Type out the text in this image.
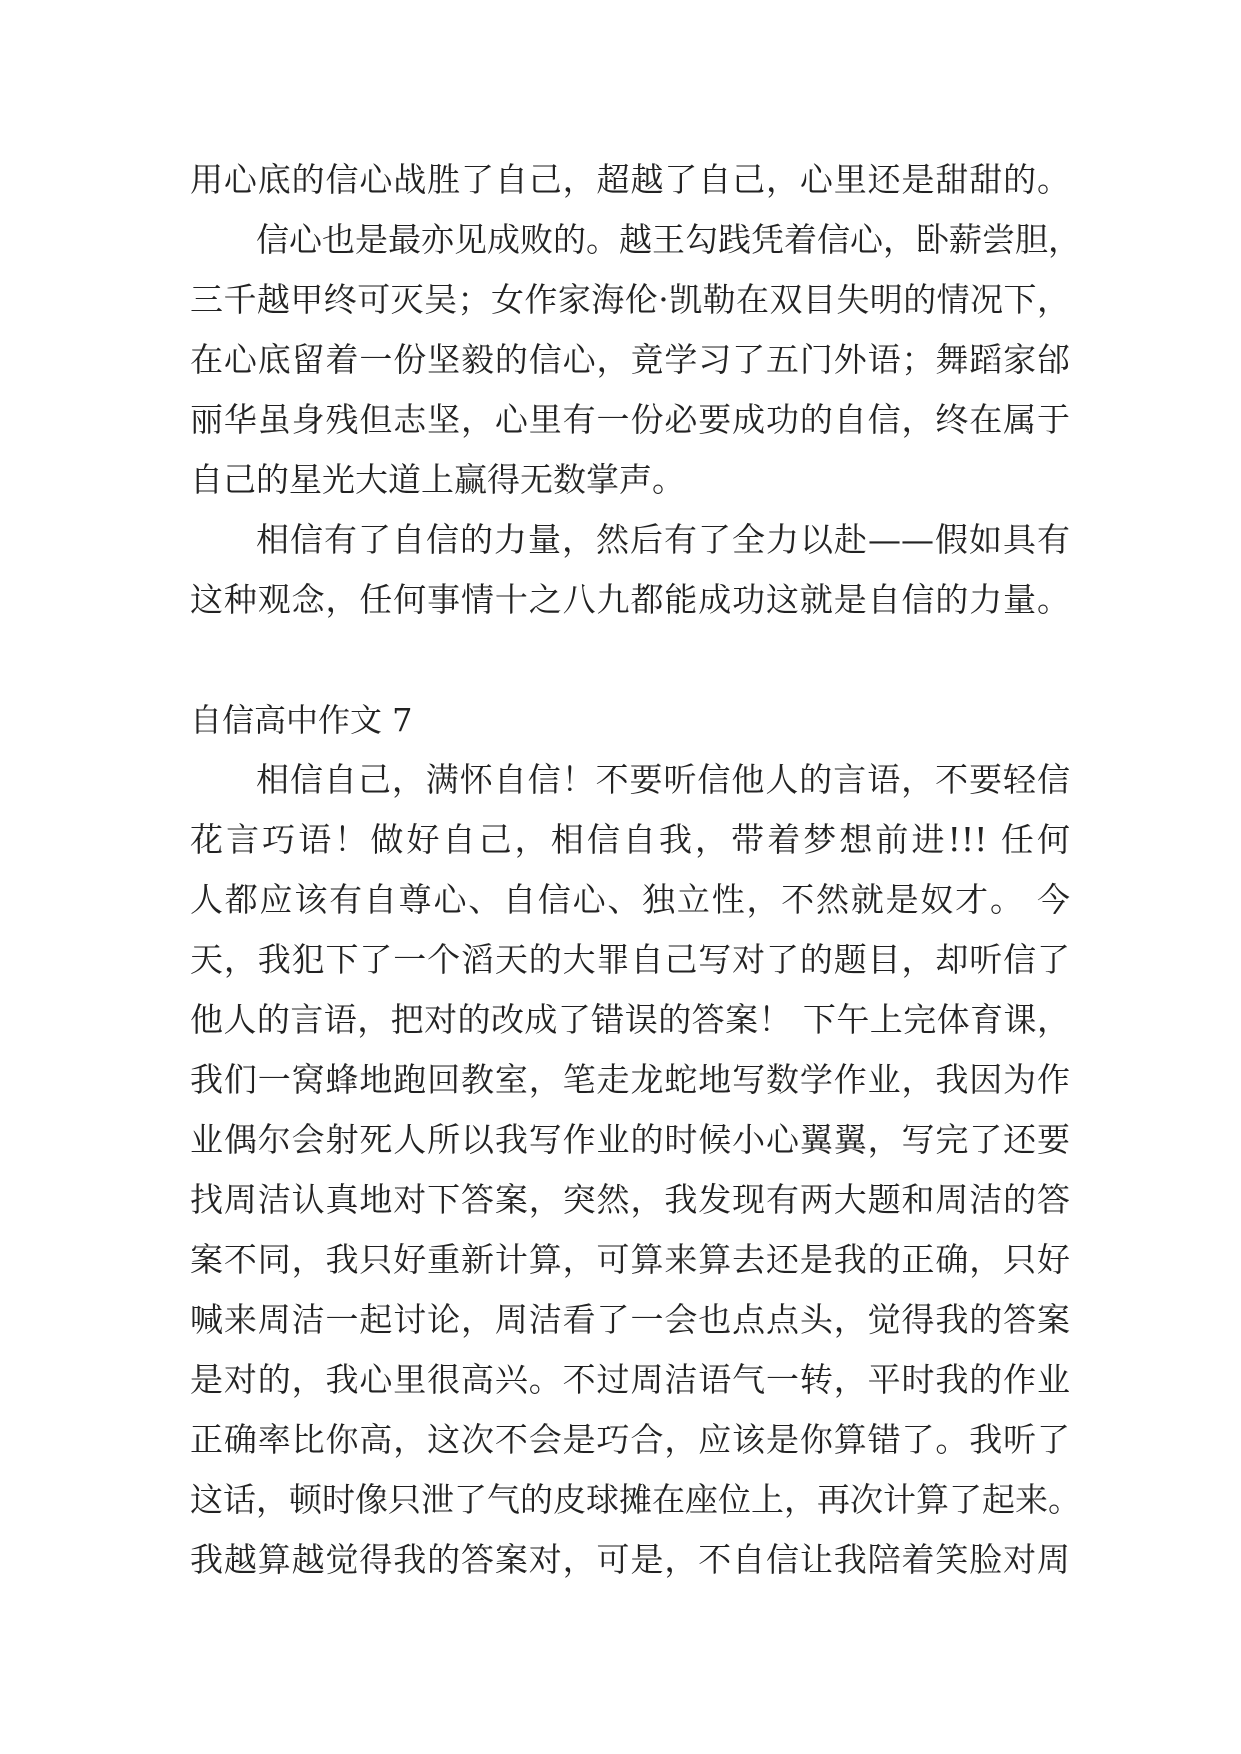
用心底的信心战胜了自己，超越了自己，心里还是甜甜的。
信心也是最亦见成败的。越王勾践凭着信心，卧薪尝胆，
三千越甲终可灭吴；女作家海伦·凯勒在双目失明的情况下，
在心底留着一份坚毅的信心，竟学习了五门外语；舞蹈家邰
丽华虽身残但志坚，心里有一份必要成功的自信，终在属于
自己的星光大道上赢得无数掌声。
相信有了自信的力量，然后有了全力以赴——假如具有
这种观念，任何事情十之八九都能成功这就是自信的力量。
自信高中作文 7
相信自己，满怀自信！不要听信他人的言语，不要轻信
花言巧语！做好自己，相信自我，带着梦想前进!!! 任何
人都应该有自尊心、自信心、独立性，不然就是奴才。 今
天，我犯下了一个滔天的大罪自己写对了的题目，却听信了
他人的言语，把对的改成了错误的答案！ 下午上完体育课，
我们一窝蜂地跑回教室，笔走龙蛇地写数学作业，我因为作
业偶尔会射死人所以我写作业的时候小心翼翼，写完了还要
找周洁认真地对下答案，突然，我发现有两大题和周洁的答
案不同，我只好重新计算，可算来算去还是我的正确，只好
喊来周洁一起讨论，周洁看了一会也点点头，觉得我的答案
是对的，我心里很高兴。不过周洁语气一转，平时我的作业
正确率比你高，这次不会是巧合，应该是你算错了。我听了
这话，顿时像只泄了气的皮球摊在座位上，再次计算了起来。
我越算越觉得我的答案对，可是，不自信让我陪着笑脸对周
